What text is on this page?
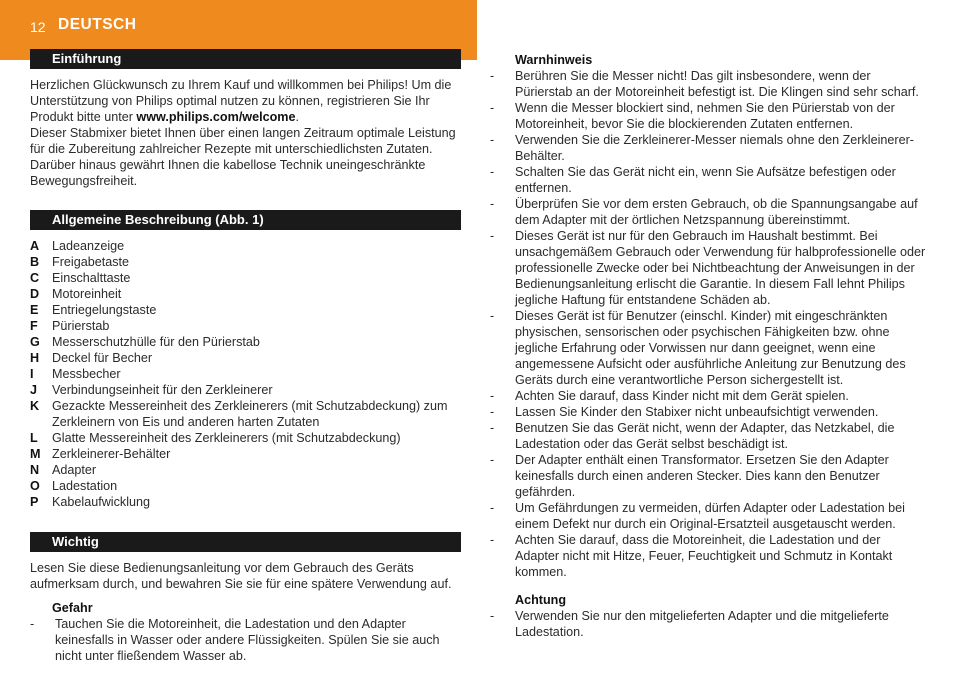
12 DEUTSCH
Einführung

Herzlichen Glückwunsch zu Ihrem Kauf und willkommen bei Philips! Um die Unterstützung von Philips optimal nutzen zu können, registrieren Sie Ihr Produkt bitte unter www.philips.com/welcome.

Dieser Stabmixer bietet Ihnen über einen langen Zeitraum optimale Leistung für die Zubereitung zahlreicher Rezepte mit unterschiedlichsten Zutaten. Darüber hinaus gewährt Ihnen die kabellose Technik uneingeschränkte Bewegungsfreiheit.

Allgemeine Beschreibung (Abb. 1)
A	Ladeanzeige
B	Freigabetaste
C	Einschalttaste
D	Motoreinheit
E	Entriegelungstaste
F	Pürierstab
G Messerschutzhülle für den Pürierstab
H	Deckel für Becher
I	Messbecher
J	Verbindungseinheit für den Zerkleinerer
K	Gezackte Messereinheit des Zerkleinerers (mit Schutzabdeckung) zum Zerkleinern von Eis und anderen harten Zutaten
L	Glatte Messereinheit des Zerkleinerers (mit Schutzabdeckung)
M Zerkleinerer-Behälter
N	Adapter
O Ladestation
P	Kabelaufwicklung
Wichtig

Lesen Sie diese Bedienungsanleitung vor dem Gebrauch des Geräts aufmerksam durch, und bewahren Sie sie für eine spätere Verwendung auf.

Gefahr
-	Tauchen Sie die Motoreinheit, die Ladestation und den Adapter keinesfalls in Wasser oder andere Flüssigkeiten. Spülen Sie sie auch nicht unter fließendem Wasser ab.
Warnhinweis
-	Berühren Sie die Messer nicht! Das gilt insbesondere, wenn der Pürierstab an der Motoreinheit befestigt ist. Die Klingen sind sehr scharf.
-	Wenn die Messer blockiert sind, nehmen Sie den Pürierstab von der Motoreinheit, bevor Sie die blockierenden Zutaten entfernen.
-	Verwenden Sie die Zerkleinerer-Messer niemals ohne den Zerkleinerer-Behälter.
-	Schalten Sie das Gerät nicht ein, wenn Sie Aufsätze befestigen oder entfernen.
-	Überprüfen Sie vor dem ersten Gebrauch, ob die Spannungsangabe auf dem Adapter mit der örtlichen Netzspannung übereinstimmt.
-	Dieses Gerät ist nur für den Gebrauch im Haushalt bestimmt. Bei unsachgemäßem Gebrauch oder Verwendung für halbprofessionelle oder professionelle Zwecke oder bei Nichtbeachtung der Anweisungen in der Bedienungsanleitung erlischt die Garantie. In diesem Fall lehnt Philips jegliche Haftung für entstandene Schäden ab.
-	Dieses Gerät ist für Benutzer (einschl. Kinder) mit eingeschränkten physischen, sensorischen oder psychischen Fähigkeiten bzw. ohne jegliche Erfahrung oder Vorwissen nur dann geeignet, wenn eine angemessene Aufsicht oder ausführliche Anleitung zur Benutzung des Geräts durch eine verantwortliche Person sichergestellt ist.
-	Achten Sie darauf, dass Kinder nicht mit dem Gerät spielen.
-	Lassen Sie Kinder den Stabixer nicht unbeaufsichtigt verwenden.
-	Benutzen Sie das Gerät nicht, wenn der Adapter, das Netzkabel, die Ladestation oder das Gerät selbst beschädigt ist.
-	Der Adapter enthält einen Transformator. Ersetzen Sie den Adapter keinesfalls durch einen anderen Stecker. Dies kann den Benutzer gefährden.
-	Um Gefährdungen zu vermeiden, dürfen Adapter oder Ladestation bei einem Defekt nur durch ein Original-Ersatzteil ausgetauscht werden.
-	Achten Sie darauf, dass die Motoreinheit, die Ladestation und der Adapter nicht mit Hitze, Feuer, Feuchtigkeit und Schmutz in Kontakt kommen.
Achtung
-	Verwenden Sie nur den mitgelieferten Adapter und die mitgelieferte Ladestation.
